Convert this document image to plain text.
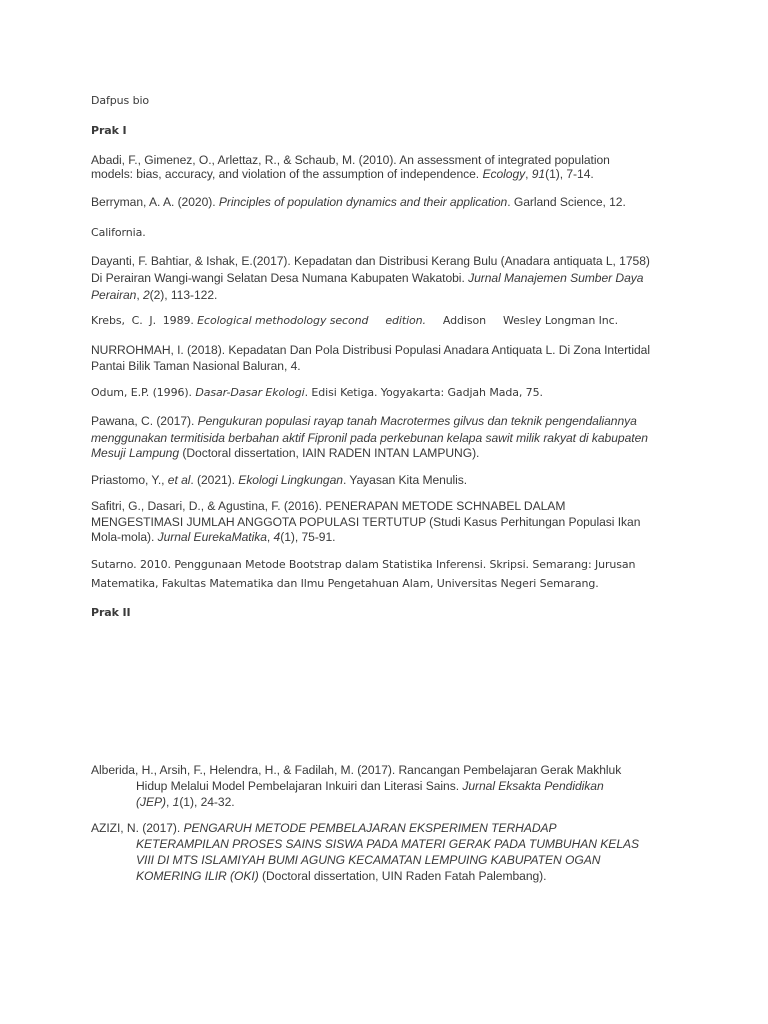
Dafpus bio
Prak I
Abadi, F., Gimenez, O., Arlettaz, R., & Schaub, M. (2010). An assessment of integrated population
models: bias, accuracy, and violation of the assumption of independence. Ecology, 91(1), 7-14.
Berryman, A. A. (2020). Principles of population dynamics and their application. Garland Science, 12.
California.
Dayanti, F. Bahtiar, & Ishak, E.(2017). Kepadatan dan Distribusi Kerang Bulu (Anadara antiquata L, 1758)
Di Perairan Wangi-wangi Selatan Desa Numana Kabupaten Wakatobi. Jurnal Manajemen Sumber Daya
Perairan, 2(2), 113-122.
Krebs,  C.  J.  1989. Ecological methodology second     edition.     Addison     Wesley Longman Inc.
NURROHMAH, I. (2018). Kepadatan Dan Pola Distribusi Populasi Anadara Antiquata L. Di Zona Intertidal
Pantai Bilik Taman Nasional Baluran, 4.
Odum, E.P. (1996). Dasar-Dasar Ekologi. Edisi Ketiga. Yogyakarta: Gadjah Mada, 75.
Pawana, C. (2017). Pengukuran populasi rayap tanah Macrotermes gilvus dan teknik pengendaliannya
menggunakan termitisida berbahan aktif Fipronil pada perkebunan kelapa sawit milik rakyat di kabupaten
Mesuji Lampung (Doctoral dissertation, IAIN RADEN INTAN LAMPUNG).
Priastomo, Y., et al. (2021). Ekologi Lingkungan. Yayasan Kita Menulis.
Safitri, G., Dasari, D., & Agustina, F. (2016). PENERAPAN METODE SCHNABEL DALAM
MENGESTIMASI JUMLAH ANGGOTA POPULASI TERTUTUP (Studi Kasus Perhitungan Populasi Ikan
Mola-mola). Jurnal EurekaMatika, 4(1), 75-91.
Sutarno. 2010. Penggunaan Metode Bootstrap dalam Statistika Inferensi. Skripsi. Semarang: Jurusan
Matematika, Fakultas Matematika dan Ilmu Pengetahuan Alam, Universitas Negeri Semarang.
Prak II
Alberida, H., Arsih, F., Helendra, H., & Fadilah, M. (2017). Rancangan Pembelajaran Gerak Makhluk
Hidup Melalui Model Pembelajaran Inkuiri dan Literasi Sains. Jurnal Eksakta Pendidikan
(JEP), 1(1), 24-32.
AZIZI, N. (2017). PENGARUH METODE PEMBELAJARAN EKSPERIMEN TERHADAP
KETERAMPILAN PROSES SAINS SISWA PADA MATERI GERAK PADA TUMBUHAN KELAS
VIII DI MTS ISLAMIYAH BUMI AGUNG KECAMATAN LEMPUING KABUPATEN OGAN
KOMERING ILIR (OKI) (Doctoral dissertation, UIN Raden Fatah Palembang).
